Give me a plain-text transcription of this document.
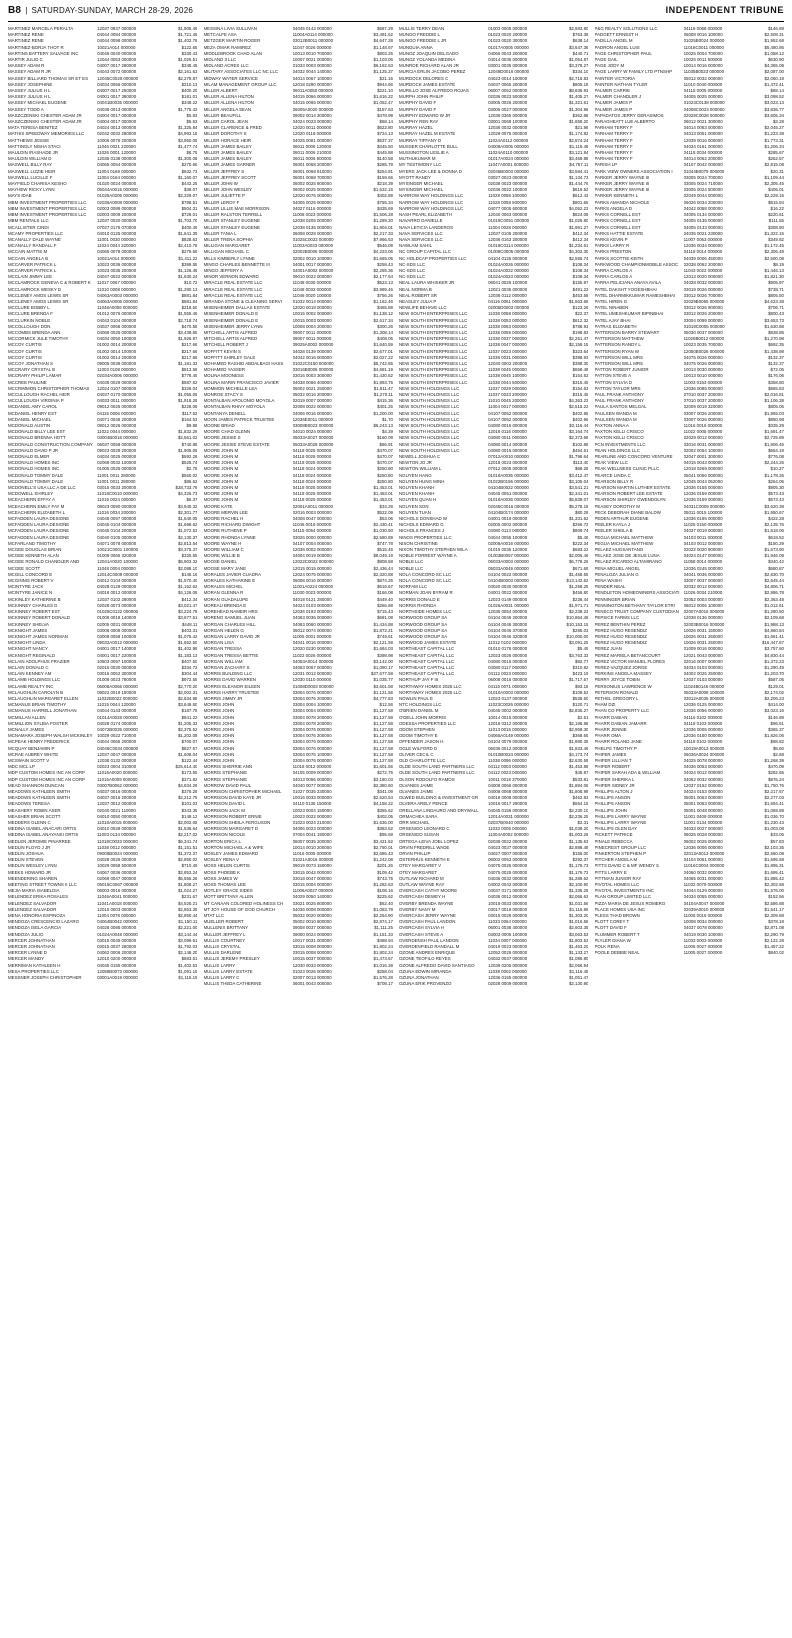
B8 | SATURDAY-SUNDAY, MARCH 28-29, 2026	INDEPENDENT TRIBUNE
MARTINEZ MARCELA PERALTA	12037 0937 000000	$1,905.46
MARTINEZ RENE	04044 0084 000000	$1,721.49
MARTINEZ RENE	04044 0098 000000	$1,402.78
MARTINEZ-BORJA THOT R	10021A014 000000	$122.65
MARTINS BATTERY SALVAGE INC	04046 0040 000000	$330.43
MARTIR JULIO C	12044 0053 000000	$1,026.51
MASSEY ADAM R	04007 0017 280000	$348.45
MASSEY ADAM R JR	04043 0072 000000	$2,161.63
MASSEY BILLIARD THOMAS SR ET ES	12045C0020 000000	$2,279.87
MASSEY JOSEPHINE	04034 0056 000000	$210.13
MASSEY JULIUS H L	04007 0017 250000	$400.20
MASSEY JULIUS H L	04001 0017 380000	$181.01
MASSEY MICHAEL EUGENE	04041B0035 000000	$348.22
MASSEY TODD A	04038 0013 000000	$1,775.42
MASZCZENSKI CHESTER ADAM JR	04004 0017 000000	$5.83
MASZCZENSKI CHESTER ADAM JR	04004 0017 000000	$5.63
MATA TERESA BENITEZ	04024 0013 000000	$1,325.84
MATHIS SPEEDWAY MEMORIES LLC	02042 0032 280000	$4,993.18
MATTHEWS JESSIE	10006 0076 200000	$3,950.05
MATTINGLY NISHA STACI	11046 0021 220000	$1,477.74
MAULDIN IRASHADE JR	11026 0001 120000	$6.75
MAULDIN WILLIAM D	12035 0138 000000	$1,300.08
MAXWELL BILLY RAY	04065 0054 000000	$270.66
MAXWELL LIZZIE HEIR	11004 0169 000000	$632.73
MAXWELL LUCILLE F	11004 0164 000000	$1,160.07
MAYFIELD CHARISA KESHO	01020 0024 000000	$442.25
MAYHEW RICKY LYNN	05044A0015 000000	$38.07
MAYS IDAB	01025A0205 000000	$2,329.07
MBM INVESTMENT PROPERTIES LLC	02036A0008 000000	$798.51
MBM INVESTMENT PROPERTIES LLC	02003 0089 000000	$504.31
MBM INVESTMENT PROPERTIES LLC	02003 0009 200000	$729.01
MBM RENTALS LLC	12037 0020 000000	$1,703.70
MCALLISTER CINDI	07027 0175 070000	$400.49
MCAMY PROPERTIES LLC	04010 0125 000000	$1,641.35
MCANALLY DALE WAYNE	11001 0030 000000	$828.63
MCANALLY RANDALL F	11024 0044 320000	$2,410.78
MCCAIN MATTIE M	04065 0078 000000	$275.66
MCCAIN ANGELA B	10021A014 000000	$1,411.22
MCCARVER PATRICK L	10023 0036 000000	$399.55
MCCARVER PATRICK L	10023 0035 200000	$1,126.46
MCCLAIN JIMMY LEE	04047 0022 000000	$1,630.24
MCCLAMROCK GENEVA C & ROBERT K	11017 0067 000000	$10.72
MCCLAMROCK WESKY D	11010 0008 000000	$1,280.13
MCCLENEY AMOS LEWIS SR	04063A0003 000000	$881.84
MCCLENEY AMOS LEWIS SR	04063A0006 000000	$881.84
MCCLURE BOBBY L	11048A0006 000000	$218.60
MCCLURE BRENDA F	01012 0076 000000	$1,555.46
MCCLURKIN NOBLE	04043 0104 000000	$2,718.74
MCCOLLOUGH DON	04037 0068 000000	$470.58
MCCOMBS BRENDA ANN	04068 0025 000000	$3,438.65
MCCORMICK JULE TIMOTHY	04034 0050 100000	$1,926.97
MCCOY CURTIS	01002 0014 200000	$217.66
MCCOY CURTIS	01002 0014 100000	$217.66
MCCOY CURTIS	01002 0014 200000	$217.66
MCCOY JONATHAN S	09005 0039 000000	$1,181.33
MCCRARY CRYSTAL B	11003 0108 000000	$813.58
MCCRARY PHILIP LAMAR	02034A0006 000000	$778.45
MCCREE PAULINE	04035 0029 000000	$587.62
MCCRIMMON CHRISTOPHER THOMAS	12024 0107 000000	$326.04
MCCULLOUGH RACHEL HEIR	04037 0170 000000	$1,055.06
MCCULLOUGH VIRGINIA P	04033 0011 000000	$1,918.28
MCDANIEL AMY CAROL	09012 0025 000000	$228.08
MCDANIEL HENRY EST	04115 0006 000000	$117.52
MCDANIEL MICHAEL	04071 0048 200000	$164.53
MCDONALD AUSTIN	09012 0026 000000	$9.88
MCDONALD BILLY LEE EST	11022 0044 000000	$1,832.29
MCDONALD BRENNA HOTT	03004B0016 000000	$2,561.02
MCDONALD CONSTRUCTION COMPANY 06037 0058 000000	$740.88
MCDONALD DAVID P JR	09023 0029 200000	$1,905.06
MCDONALD ELMER	04034 0025 000000	$592.28
MCDONALD HOMES INC	02068 0032 100000	$525.74
MCDONALD HOMES INC	01005 0025 000000	$2.78
MCDONALD TOMMY DALE	11001 0011 280000	$550.02
MCDONALD TOMMY DALE	11001 0011 280000	$86.62
MCDONELL'S USA LLC A DE LLC	03015 0033 200000	$28,733.76
MCDOWELL SHIRLEY	11018C0010 000000	$4,326.73
MCEACHERN EFFAY A	11016 0024 000000	$6.37
MCEACHERN EMILY FAY M	08023 0090 000000	$3,940.32
MCEACHERN ELIZABETH L	11016 0034 200000	$2,301.77
MCFADDEN LAURA DESIONE	04045 0097 000000	$1,640.05
MCFADDEN LAURA DESIONE	04045 0104 000000	$1,698.62
MCFADDEN LAURA DESIONE	04045 0104 200000	$1,072.53
MCFADDEN LAURA DESIONE	04040 0105 000000	$2,130.37
MCFARLAND TIMOTHY	04071 0078 000000	$2,813.54
MCGEE DOUGLAS BRIAN	10021C0001 100000	$3,375.37
MCGEE KENNETH ALAN	01009 0065 320000	$325.65
MCGEE RONALD CHANDLER AND	12041A0020 100000	$6,903.32
MCGEE SCOTT	11048 0004 000000	$2,088.10
MCGILL CONCORD E	12014C0009 000000	$146.16
MCGINNIS ROBERT V	04012 0104 000000	$1,570.40
MCINTYRE JACK	04028 0129 000000	$1,152.62
MCINTYRE JANICE N	04018 0012 000000	$4,126.08
MCKINLEY KATHERINE B	12037 0102 280000	$412.34
MCKINNEY CHARLES D	02028 0073 000000	$3,021.47
MCKINNEY ROBERT EST	01025C0122 000000	$3,224.78
MCKINNEY ROBERT DONALD	01009 0018 140000	$3,677.51
MCKINNEY SHELVA	02005 0031 000000	$448.11
MCKNIGHT JAMES	03008 0009 000000	$403.31
MCKNIGHT JAMES NORMAN	03008 0058 100000	$1,075.42
MCKNIGHT LINDA	09032A0012 000000	$1,652.50
MCKNIGHT NANCY	04001 0017 140000	$1,402.98
MCKNIGHT REGINALD	04001 0017 220000	$1,183.13
MCLAIN ADOLPHUS FRAZIER	10803 0097 100000	$407.50
MCLAIN DONALD C	02016 0030 000000	$334.72
MCLAIN KENNEY AM	03016 0052 300000	$304.44
MCLAMB HOLDINGS LLC	01008 0023 780000	$972.55
MCLAMB REALTY INC	06008A0066 000000	$2,770.20
MCLAUGHLIN CAROLYN B	09022 0019 150000	$2,002.31
MCLAUGHLIN MARGARET ELLEN	11032B0022 000000	$2,634.98
MCMANUS BRIAN TIMOTHY	11015 0044 120000	$3,649.50
MCMANUS HARRELL JONATHAN	04044 0143 000000	$187.78
MCMILLAN ALLEN	01014A0028 000000	$841.22
MCMILLION SYLBIA FOSTER	04028 0174 000000	$1,205.33
MCNALLY JAMES	04072B0035 000000	$2,375.52
MCNAMARA JOSEPH WALSH MCKINLEY	10029 0022 710000	$1,202.08
MCPEAK HENRY FREDERICK	04044 0065 200000	$700.07
MCQUAY BENJAMIN P	04046C0034 000000	$827.57
MCRAE AUBREY WHITE	12037 0047 000000	$1,608.04
MCSWAIN SCOTT V	12038 0132 000000	$122.44
MDC MCL LP	02023 0004 310000	$25,614.40
MDP CUSTOM HOMES INC AN CORP	11016A0020 000000	$173.55
MDP CUSTOM HOMES INC AN CORP	11016A0009 000000	$371.82
MEAD SHANNON DUNCAN	03007B0062 000000	$4,834.29
MEADOWS KATHLEEN SMITH	04037 0016 000000	$376.28
MEADOWS KATHLEEN SMITH	04037 0016 200000	$2,212.75
MEADOWS TERESA	12037 0012 000000	$101.03
MEASHERY ROBIN ASER	02040 0021 110000	$343.35
MEASHER BRIAN SCOTT	04010 0050 000000	$148.12
MEDDERS GLENN C	11018A0015 000000	$2,002.08
MEDINA ISABEL ANACARI ORTIS	04010 0028 000000	$1,536.64
MEDINA ISABEL ANAYANSI ORTIS	11003 0134 000000	$2,217.02
MEDLEN JEROMIE PINARREE	11018C0033 000000	$6,341.74
MEDLIN FLOYD J JR	11038 0012 000000	$1,151.51
MEDLIN JOSHUA	09008B0024 000000	$1,372.37
MEDLIN STEVEN	04028 0026 000000	$2,850.02
MEDLIN WESLEY LYNN	10029 0058 500000	$710.46
MEEKS HOWARD JR	04067 0036 000000	$2,852.24
MEENDERING SHAREN	02069 0047 000000	$5,556.28
MEETING STREET TOWNS II LLC	05016C0067 000000	$1,808.27
MEJIA MARIA ISABELDIA	06003 0016 000000	$1,024.27
MELENDEZ ERIKA ROSALES	11046A0041 000000	$231.67
MELENDEZ SALVADOR	11041A0018 000000	$4,525.21
MELENDEZ SALVADOR	12015 0003 000000	$2,853.35
MENA HONORIA ESPINOZA	11004 0078 000000	$2,850.44
MENDOZA CRESCENCIO LAZARO	04064B0042 000000	$1,150.11
MENDOZA ISELA GARCIA	04028 0085 000000	$2,221.00
MENDOZA JULIO	01024A0048 000000	$3,144.44
MERCER JOHNATHAN	03015 0045 000000	$3,099.61
MERCER JOHNATHAN	03015 0037 280000	$1,792.03
MERCER LYNNE D	04062 0006 200000	$2,148.20
MERCER MANDY	12010 0200 000000	$883.51
MERRIMAN KATHLEEN H	04045 0155 000000	$1,402.53
MESA PROPERTIES LLC	12058B0073 000000	$1,091.15
MESSNER JOSEPH CHRISTOPHER	03001A0019 000000	$1,115.15
MESSINA LIVIA SULLIVAN	04045 0143 000000	$687.29
METCALFE ASA	11004A0114 000000	$3,491.62
METZGER MARTIN ROGER	03012B0011 000000	$4,647.28
MEZA OMAR RAMIREZ	11047 0026 000000	$1,148.67
MIDDLEBROOK CHAD ALAN	10013 0010 700000	$803.25
MIDLAND 3 LLC	10007 0021 000000	$1,103.06
MIDLAND ACRES LLC	01033 0003 000000	$6,162.63
MILITARY ASSOCIATES LLC NC LLC	04032 0044 140000	$1,125.37
MIDWAY WATER SERVICE	04014 0067 100000	$21.15
MILAM MANAGEMENT GROUP LLC	12018 0290 000000	$944.66
MILLER ALBERT	06011A0050 000000	$221.10
MILLER ALLENA HILTON	04015 0066 000000	$1,616.22
MILLER ALLENA HILTON	04015 0065 000000	$1,052.47
MILLER ANGELA SEAN	06005A0020 000000	$157.63
MILLER BEAUFILL	09002 0014 300000	$478.99
MILLER CAROL JEAN	04024 0023 000000	$68.14
MILLER CLARENCE & FRED	12020 0011 000000	$622.80
MILLER DOROTHY S	12020 0118 000000	$724.13
MILLER HORACE HEIR	04025 0081 000000	$537.37
MILLER JAMES BAILEY	06011 0006 120000	$345.50
MILLER JAMES BAILEY	06011 0006 210000	$445.88
MILLER JAMES BAILEY	06011 0006 800000	$140.58
MILLER JAMES GARNER	06001 0068 200000	$285.79
MILLER JEFFREY S	06001 0068 510000	$254.81
MILLER JEFFREY SCOTT	06001 0068 700000	$159.66
MILLER JOHN W	06002 0025 800000	$218.39
MILLER JOHN WESLEY	06002 0025 000000	$1,632.15
MILLER JULIETTE P	12020 0076 000000	$402.89
MILLER LEROY F	04005 0025 000000	$755.34
MILLER LILLIE MAE MORRISON	04027 0116 000000	$435.69
MILLER RALSTON TERRELL	11008 0023 000000	$1,506.28
MILLER STANLEY EUGENE	12038 0205 000000	$1,289.20
MILLER STANLEY EUGENE	12038 0135 000000	$1,804.01
MILLER TANIA L	06008 0028 000000	$2,217.33
MILLER TRENA SOPHIA	01025C0022 000000	$7,966.63
MILLIGAN MARGARET	11003A0033 000000	$546.09
MILLIGAN MICHAEL C	02002B0006 000000	$4,223.06
MILLS KIMBERLY LYNNE	02002 0010 100000	$1,665.05
MINGO CHARLES BENNETTE III	04001 0017 000000	$258.43
MINGO JEFFERY A	04001A0002 000000	$2,265.36
MINOR VERNON EDWARD	09010 0022 000000	$2,177.64
MIRACLE REAL ESTATE LLC	11048 0035 000000	$523.13
MIRACLE REAL ESTATE LLC	11048 0032 000000	$3,989.46
MIRACLE REAL ESTATE LLC	11046 0020 100000	$756.26
MIRANDA STONE & CLEANING SERVI	01032 0014 000000	$1,162.46
MISENHEIMER DALLAS ESTATE	12020 0018 000000	$465.89
MISENHEIMER DONALD E	10015 0002 000000	$1,138.12
MISENHEIMER DONALD E	10015 0003 000000	$2,617.34
MISENHEIMER JERRY LYNN	10008 0004 200000	$300.26
MITCHELL ARTIS ALFRED	09007 0011 000000	$1,308.14
MITCHELL ARTIS ALFRED	09007 0011 000000	$408.05
MITCHELL ROBERT J	09025A0002 000000	$1,640.59
MOFFITT KEVIN S	04028 0139 000000	$2,677.01
MOFFITT SHIRLEY GALE	04042 0016 000000	$2,027.22
MOHAMED RASHID ABDALBAGI HASS	01022C0150 000000	$5,742.65
MOHAMED YASSER	03016B0006 000000	$4,681.19
MOLINA MOONESS	03016 0003 300000	$1,430.62
MOLINA MARIN FRANCISCO JAVIER	04038 0066 400000	$1,893.75
MOMMON MICHELLE LEA	06002 0021 250000	$1,511.47
MONROE STACY S	05032 0016 200000	$1,270.11
MONTALBAN APOLONIO MOYOLA	02019 0007 000000	$415.36
MONTALBAN RHIVY MOYOLA	02008 0022 000000	$401.25
MONTANYA DENELL	04006 0016 000000	$1,200.00
MOON JAMES PATRICK TRUSTEE	12036E0011 000000	$1.70
MOONE BRIAD	03008B0023 000000	$6,243.13
MOORE CHAD GLENN	04010 0024 000000	$4.29
MOORE JESSIE S	05033A0027 000000	$160.09
MOORE JESSIE STEVE ESTATE	05033A0028 000000	$86.91
MOORE JOHN M	04118 0025 000000	$470.07
MOORE JOHN M	04118 0028 000000	$470.07
MOORE JOHN M	04118 0025 000000	$470.07
MOORE JOHN M	04118 0024 000000	$250.80
MOORE JOHN M	04118 0024 000000	$250.80
MOORE JOHN M	04118 0024 000000	$250.80
MOORE JOHN M	04118 0025 000000	$1,453.01
MOORE JOHN M	04118 0025 000000	$1,453.01
MOORE JOHN M	04118 0025 000000	$1,453.01
MOORE KATE	02001A0011 000000	$34.29
MOORE MERVIN LEE	02016 0003 000000	$522.09
MOORE RACHEL H	04008 0047 000000	$53.06
MOORE RICHARD DWIGHT	11046 0018 000000	$2,430.41
MOORE RUTHENE P	04115 0054 000000	$1,030.50
MOORE RHONDA LYNNE	03026 0000 000000	$2,580.89
MOORE WAYNE H	04107 0004 000000	$747.78
MOORE WILLIAM C	12036 0002 000000	$515.45
MOORE WILLIE B	04004 0019 000000	$8,049.19
MOOSE DANIEL	12022C0022 000000	$808.58
MOOSE MARY JANE	12015 0015 000000	$2,436.44
MORALES JAVIER CUADRA	12024 0075 000000	$2,320.88
MORALES KATHARINE E	06008 0016 000000	$874.25
MORALES MICHEL	11001A0224 000000	$616.67
MORAN GLENNA R	11030 0023 000000	$166.08
MORAN GUADALUPE	04018 0121 280000	$449.40
MOREAU BRENDA E	04024 0103 000000	$266.88
MOREHEAD NAMEIR HRS	12036 0193 000000	$715.43
MORENO SAMUEL JUAN	04063 0036 000000	$681.08
MORGAN CHARLES HILL	04063 0060 000000	$1,434.88
MORGAN HELEN G	05012 0074 000000	$1,872.21
MORGAN LARRY DAVID JR	11005 0001 000000	$749.61
MORGAN LISA	04041 0016 000000	$2,121.59
MORGAN TRESSA	12020 0230 000000	$1,684.03
MORGAN TRESSA BETTIE	11022 0026 000000	$398.98
MORGAN WILLIAM	04053A0014 000000	$3,142.00
MORGAN ZACHARY S	04063 0067 000000	$1,090.17
MORRIS BUILDING LLC	12031 0012 000000	$27,677.58
MORRIS DAVID WARREN	12030 0110 000000	$1,035.77
MORRIS ELEANOR EILEEN	01008D0003 000000	$3,601.58
MORRIS HARRY TRUSTEE	03004 0076 000000	$1,121.56
MORRIS JIMMY JR	03004 0076 200000	$4,777.83
MORRIS JOHN	03004 0004 100000	$12.56
MORRIS JOHN	03004 0004 000000	$1,127.58
MORRIS JOHN	03004 0078 200000	$1,127.58
MORRIS JOHN	03004 0078 200000	$1,127.58
MORRIS JOHN	03004 0076 000000	$1,127.58
MORRIS JOHN	03004 0076 200000	$1,127.58
MORRIS JOHN	03004 0076 000000	$1,127.58
MORRIS JOHN	03004 0076 000000	$1,127.58
MORRIS JOHN	03004 0076 100000	$1,127.58
MORRIS JOHN	03004 0076 000000	$1,127.58
MORRIS SHERRIE ANN	11018 0012 000000	$1,601.55
MORRIS STEPHANIE	04105 0009 000000	$272.75
MORRIS STEPHANIE	04013 0056 000000	$3,180.03
MORROW DAVID PAUL	04040 0077 000000	$2,380.60
MORRISON CHRISTOPHER MICHAEL	01027 0035 230000	$341.09
MORRISON DAVID KAYE JR	10016 0033 000000	$2,520.54
MORRISON DAVID L	04110 0135 150000	$4,158.22
MORRISON JACK M	10023 0004 150000	$365.62
MORRISON ROBERT ERNIE	10023 0022 000000	$402.05
MORRISON SHEILA FERGUSON	01023 0024 210000	$1,636.00
MORRISON MARGARET D	04006 0023 000000	$383.52
MORRISON NICOLE	07004 0041 190000	$95.68
MORTON ERICA L	06007 0035 200000	$3,421.62
MORTON MICHAEL A & WIFE	10014 0010 200000	$2,750.01
MOSLEY JAMES EDWARD	11016 0005 000000	$2,686.43
MOSLEY RENA V	01021A0016 000000	$1,242.08
MOSS HELEN CURTIS	09019 0073 150000	$201.26
MOSS PHOEBE K	03015 0042 000000	$109.42
MOSS JAMES W	03018 0047 000000	$743.75
MOSS THOMAS LEE	03015 0004 000000	$1,282.63
MOTLEY GRACE SIDES	11006A0027 000000	$108.16
MOTT BRITTANY ALLEN	04029 0050 140000	$225.62
MT CANAAN COLORED HOLINESS CH	03021 0025 800000	$62.40
MT JOY HOUSE OF GOD CHURCH	04036 0008 000000	$1,083.79
MTAT LLC	05032 0020 000000	$2,254.90
MUELLER ROBERT	05002 0010 800000	$2,874.17
MULLENIX BRITTANY	09008 0037 000000	$1,111.25
MULLER JEFFREY L	09000 0024 000000	$1,151.33
MULLIS COURTNEY	10017 0031 000000	$488.94
MULLIS CRYSTAL	03015 0008 000000	$1,802.24
MULLIS DARLENE	03015 0008 000000	$1,802.24
MULLIS JEREMY PRESLEY	10015 0037 000000	$1,473.67
MULLIS LARRY	12030 0033 000000	$1,016.38
MULLIS LARRY ESTATE	01023 0026 000000	$258.04
MULLIS LARRY C	02007 0013 000000	$1,576.28
MULLIS THEDA CATHERINE	06001 0043 000000	$708.17
MULLIS TERRY DEAN	01003 0005 000000	$2,683.80
MUNGO FREDDIE L	01023 0020 200000	$763.38
MUNGO FREDDIE L JR	01023 0020 300000	$638.14
MUNGUIA ANNA	01017A0005 000000	$3,647.36
MUNOZ JOAQUIN DELGADO	04066 0043 200000	$440.71
MUNOZ YOLANDA MEDINA	04014 0035 000000	$1,054.87
MUNROE RICHARD ALAN JR	03001 0035 000000	$3,378.27
MURCIA ERLIN JACOBO PEREZ	12049D0016 000000	$334.10
MURDOCK DELORES C	04023 0014 100000	$2,716.83
MURDOCK JAMES ESTATE	04037 0065 200000	$805.18
MURILLO JOSE ALFREDO ROJAS	06007 0052 000000	$8,836.93
MURPH JOHN PHILIP	02036 0023 500000	$1,405.27
MURPHY DAVID F	03005 0026 200000	$1,321.61
MURPHY DAVID F	03005 0027 000000	$1,304.96
MURPHY EDWARD W JR	12036 0365 000000	$362.88
MURPHY REN RAY	03001 0068 100000	$1,658.20
MURRAY HAZEL	12036 0032 000000	$21.98
MURRAY HAZEL M ESTATE	12029 0075 000000	$1,174.82
MURRAY TIFFANY D	11024A0112 000000	$2,874.24
MUSSER CHARLOTTE BULL	04008A0005 000000	$1,116.48
MUSSINGTON LESLIE A	11024A0110 000000	$3,121.84
MUTHUKUMAR M	01017A0024 000000	$3,469.88
MY TESTIMONY LLC	11047A0001 000000	$4,757.11
MYERS JACK LEE & DONNA D	02045B0003 000000	$3,584.41
MYOTT RANDY	03027 0023 000000	$1,134.73
MYSINGER MICHAEL	02038 0023 000000	$1,444.76
MYSINGER MICHAEL	02036 0022 100000	$619.52
NARROW WAY HOLDINGS LLC	11028 0058 100000	$612.43
NARROW WAY HOLDINGS LLC	11028 0058 500000	$801.65
NARROW WAY HOLDINGS LLC	04077 0005 600000	$4,052.23
NASH PEARL ELIZABETH	12040 0063 000000	$824.08
NAVARRO DANIELLE	01019C0051 000000	$1,026.80
NAVA LETICIA LANDEROS	11004 0028 000000	$1,991.27
NAVA SERVICES LLC	12037 0105 200000	$412.34
NAVA SERVICES LLC	12036 0163 200000	$412.34
NAWLAM SAHIL	01018C0114 000000	$1,234.61
NC GROUP CAPITAL LLC	01008C0005 000000	$4,302.30
NC HOLDCAP PROPERTIES LLC	04104 0125 000000	$2,555.74
NC-SDS LLC	01024A0026 000000	$108.34
NC-SDS LLC	01024A0022 000000	$108.34
NC-SDS LLC	01024A0023 000000	$108.34
NEAL LAURA WHISKER JR	06041 0025 100000	$155.97
NEAL NORMA B	12021 0036 000000	$491.22
NEAL ROBERT SR	12036 0112 000000	$453.58
NEASLEY JULIA P	04116 0061 000000	$1,563.68
NEWLIFE BEHAVE LLC	02005D0003 000000	$123.26
NEW SOUTH ENTERPRISES LLC	11038 0058 000000	$22.37
NEW SOUTH ENTERPRISES LLC	11038 0053 000000	$612.32
NEW SOUTH ENTERPRISES LLC	11038 0063 000000	$788.93
NEW SOUTH ENTERPRISES LLC	11038 0059 000000	$198.83
NEW SOUTH ENTERPRISES LLC	11038 0037 000000	$2,251.47
NEW SOUTH ENTERPRISES LLC	11038 0047 000000	$2,159.15
NEW SOUTH ENTERPRISES LLC	11037 0023 000000	$323.64
NEW SOUTH ENTERPRISES LLC	11038 0031 000000	$398.93
NEW SOUTH ENTERPRISES LLC	12040 0002 200000	$388.30
NEW SOUTH ENTERPRISES LLC	11038 0045 000000	$658.48
NEW SOUTH ENTERPRISES LLC	11038 0045 100000	$154.63
NEW SOUTH ENTERPRISES LLC	11038 0044 500000	$315.45
NEW SOUTH HOLDINGS LLC	11037 0029 000000	$154.63
NEW SOUTH HOLDINGS LLC	11037 0033 200000	$315.45
NEW SOUTH HOLDINGS LLC	11010 0045 200000	$4,363.23
NEW SOUTH HOLDINGS LLC	11004 0017 000000	$2,515.22
NEW SOUTH HOLDINGS LLC	04107 0052 000000	$402.95
NEW SOUTH HOLDINGS LLC	04107 0052 000000	$402.96
NEW SOUTH HOLDINGS LLC	04080 0016 000000	$2,116.44
NEW SOUTH HOLDINGS LLC	12018 0116 000000	$3,164.74
NEW SOUTH HOLDINGS LLC	04080 0011 000000	$2,373.68
NEW SOUTH HOLDINGS LLC	04080 0014 000000	$102.88
NEW SOUTH HOLDINGS LLC	04080 0015 000000	$454.61
NEWELL JOSHUA C	07012A0010 000000	$1,796.64
NEWTON JO JR	12018 0023 000000	$113.40
NEWTON WILLIAM L	07012 0005 000000	$68.28
NGUYEN HANG	01018A0035 000000	$3,412.47
NGUYEN HUNG MINH	01022B0156 000000	$3,105.04
NGUYEN KHANH	04104B0022 000000	$3,541.21
NGUYEN KHANH	04045 0051 000000	$2,341.01
NGUYEN QUAN H	01018A0036 000000	$5,839.07
NGUYEN SON	02045C0016 000000	$5,278.18
NGUYEN TUAN	04104B0174 000000	$80.28
NICHOLS DONSHAD W	04001 0019 000000	$1,331.62
NICHOLS EDWARD G	02005 0002 000000	$256.73
NICHOLS FRANCES J	04080 0113 000000	$809.74
NINOS PROPERTIES LLC	04044 0055 100000	$5.48
NISON CHRISTINE	02008A0016 000000	$222.34
NIXON TIMOTHY STEPHEN WILA	01015 0035 120000	$683.22
NOBLE FORREST WAYNE A	01003B0057 000000	$2,006.46
NOBLE LLC	05033A0003 000000	$6,778.26
NOBLE LLC	05033A0049 000000	$671.69
NOLA CONCORD SC LLC	04104 0022 000000	$1,468.55
NOLA CONCORD SC LLC	04104B0003 000000	$13,142.62
NORFAM LLC	04020 0030 000000	$1,258.25
NORMAN JOAN BYRAM R	04001 0022 000000	$456.80
NORRIS DONALD E	12023 0149 000000	$236.44
NORRIS RHONDA	01026A0031 000000	$1,971.71
NORTHSIDE HOMES LLC	12035 0054 000000	$2,238.23
NORWOOD GROUP SA	04104 0046 200000	$10,864.48
NORWOOD GROUP SA	04104 0046 300000	$10,153.15
NORWOOD GROUP SA	04104 0046 370000	$285.03
NORWOOD GROUP SA	04104 0046 320000	$10,000.00
NORWOOD JAMES ESTATE	11012 0102 000000	$3,091.25
NORTHEAST CAPITAL LLC	01010 0176 000000	$5.45
NORTHEAST CAPITAL LLC	12023 0026 000000	$3,763.33
NORTHEAST CAPITAL LLC	04080 0015 000000	$82.77
NORTHEAST CAPITAL LLC	04080 0117 000000	$310.82
NORTHEAST CAPITAL LLC	04112 0023 000000	$423.19
NORTHUP JAY F III	06008 0016 000000	$1,717.57
NORTHWAY HOMES 2025 LLC	04115 0071 000000	$93.18
NORTHWAY HOMES 2025 LLC	01010A0003 000000	$109.53
NOWLIN PAUL E	12023 0137 000000	$538.60
NTC HOLDINGS LLC	11023C0026 000000	$120.71
O'BRIEN DANIEL M	04045 0002 000000	$2,835.27
O'DELL JOHN MORRIS	10014 0015 000000	$2.61
ODESSA PROPERTIES LLC	12018 0312 000000	$2,195.88
ODOM STEPHEN	11013 0015 000000	$2,959.30
ODOM TIMOTHY E	04065A0149 000000	$368.65
OFFENDER JASON H	04104 0079 000000	$1,880.35
OGLE WILFORD D	06036 0012 000000	$1,833.46
OLIVER CECIL C	01010B0024 000000	$4,173.74
OLD CHARLOTTE LLC	11038 0096 000000	$2,630.59
OLDE SOUTH LAND PARTNERS LLC	04112 0003 000000	$1,453.88
OLDE SOUTH LAND PARTNERS LLC	04112 0023 000000	$45.87
OLSON RODOLFO RAMOS	10011 0018 370000	$533.81
OLVANES JAIME	04008 0066 000000	$1,884.06
OLVANES JAIME	04008 0068 000000	$1,808.98
OLWED BUILDING & INVESTMENT GR	04018 0008 000000	$462.83
OLVERA ARELY PENCE	10016 0017 290000	$654.15
ORELLANA LINDAURO AND DRYWALL	04045 0156 000000	$2,230.10
ORMACHEA SARA	12014A0031 000000	$2,236.25
ORR MICHAEL	02037B0040 000000	$2.31
ORSENIGO LEONARD C	11033 0005 000000	$1,039.20
ORSENIGO SUSAN	11004A0002 000000	$1,003.26
ORTEGA-LEIVA JOEL LOPEZ	02038 0022 000000	$1,135.63
ORVIN FREDRILL WADE	04023 0037 000000	$2,888.48
ORVIN PHILLIP	04027 0007 000000	$155.00
OSTERHUS KENNETH E	06002 0053 000000	$292.37
OTEY MARGARET V	04075 0025 000000	$1,176.73
OTEY MARGARET	04075 0025 000000	$1,176.73
OUTLAW RICHARD M	04036 0032 000000	$1,289.62
OUTLAW WAYNE RAY	04002 0042 000000	$2,100.90
OVERCASH CATHY MOORE	04037 0171 000000	$1,335.28
OVERCASH DEWEY H	04036 0012 000000	$2,066.63
OVERBY BRENDA WAYNE	10019 0033 000000	$1,031.56
OVERBY NANY M	03017 0019 000000	$1,116.96
OVERCASH JERRY WAYNE	03015 0028 000000	$1,303.20
OVERCASH PAUL LANDON	11033 0064 000000	$1,016.58
OVERCASH SYLVIA H	06001 0038 400000	$2,603.35
OVERCASH STEVE A	03003 0005 100000	$3,063.53
OVERDENSH PAUL LANDON	11034 0007 000000	$1,803.53
OVERDENFIELD RANDALL M	04019 0023 000000	$1,463.20
OZONE ANDRES ENRIQUE	12052 0026 000000	$1,133.27
OZONE TEOFILO REYES	04032 0037 000000	$1,086.80
OZONE ALFREDO DAVID SANTIAGO	12039 0205 000000	$2,066.94
OZUNA EDWIN MIRANDA	11038 0002 000000	$1,116.45
OZUNA JONATHAN	12036 0155 000000	$1,051.47
OZUNA ERIK PROVENZO	02028 0009 000000	$2,130.90
P&G REALTY SOLUTIONS LLC	04118 0068 000000	$146.89
PADGETT ERNEST H	06008 0016 100000	$2,508.31
PADILLA ANGEL M	01025B0024 000000	$1,952.68
PADRON ANGEL LUIS	11018C0011 000000	$5,480.86
PAGE CHRISTOPHER PAUL	10025 0004 700000	$1,058.12
PAGE GAIL	10025 0011 500000	$630.90
PAGE JODY M	10014 0016 000000	$4,365.09
PAGE LARRY W FAMILY LTD PTNSHP	11035B0023 000000	$2,087.00
PAINTER VICTORIA	05012 0032 000000	$2,060.19
PAINTER NATHAN TYLER	11010 0040 000000	$1,472.41
PALMER CARRIE	04115 0005 000000	$88.14
PALMER CHANDLER J	04005 0025 000000	$3,098.52
PALMER JAMES P	01023C0138 000000	$3,023.13
PALMER JAMES P	04008C0023 000000	$3,835.77
PAPADATOS JERRY GERASIMOS	02029C0028 000000	$3,605.34
PARAGHEATT LUE ALBERTO	06012 0021 300000	$3.28
PARHAM TERRY F	04014 0063 000000	$2,045.27
PARHAM TERRY F	04013 0051 000000	$1,223.38
PARHAM TERRY F	12039 0016 000000	$1,773.31
PARHAM TERRY F	04034 0161 000000	$1,206.34
PARHAM TERRY F	04118 0034 000000	$285.67
PARHAM TERRY F	04014 0062 200000	$262.57
PARISH LP	04107 0042 000000	$2,815.08
PARK VIEW OWNERS ASSOCIATION I	01044B0079 000000	$20.31
PARKER JERRY WAYNE III	03005 0024 700000	$1,109.44
PARKER JERRY WAYNE III	03005 0024 710000	$2,305.45
PARKER JERRY WAYNE III	03005 0024 500000	$405.01
PARKER KENNETH L	02049 0044 000000	$2,229.15
PARKS AMANDA NICHOLE	06026 0034 200000	$815.94
PARKS ANGELA D	04042 0058 000000	$16.22
PARKS CORNELL EST	04005 0134 000000	$220.61
PARKS CORNELL EST	04005 0135 000000	$111.55
PARKS CORNELL EST	04005 0133 000000	$308.80
PARKS HATTIE ESTATE	04035 0021 230000	$1,322.15
PARKS KEVIN P	11007 0063 000000	$349.82
PARKS LARRY R	12036 0034 000000	$1,172.45
PARKS PRESTON	04118 0014 000000	$2,306.48
PARKS SCOTTIE KEITH	04039 0006 450000	$2,500.08
PARKWOOD CHAMPIONMOBILE ASSOC	02038 0062 200000	$8.19
PARRA CARLOS A	11043 0022 000000	$1,446.13
PARRA CARLOS A	12013 0020 000000	$1,821.30
PARRA PELICIANA ANAYA AVILA	04028 0032 000000	$905.97
PATEL DAKSHT YOGESHBHAI	03019 0026 000000	$738.71
PATEL DHARMIKKUMAR RAMESHBHAI	03012 0026 700000	$805.50
PATEL HIREN G	02029B0055 000000	$4,623.38
PATEL NINABEN	03012 0026 900000	$706.71
PATEL UMESHKUMAR BIPINBHAI	03012 0026 200000	$800.43
PATEL AJAY BHAI	03004 0099 000000	$3,653.73
PATRAS ELIZABETH	01019C0005 000000	$1,630.88
PATTERSON BARRY STEWART	05030 0037 000000	$838.85
PATTERSON MATTHEW	11026B0012 000000	$1,270.98
PATTERSON RANDY L	10023 0035 700000	$692.35
PATTERSON RYAN W	12050B0026 000000	$1,438.98
PATTERSON WILL MRS	04075 0026 000000	$132.37
PATTERSON WILL MRS	04075 0026 000000	$132.37
PATTON ROBERT JUNIOR	10013 0030 000000	$72.05
PATTON STEVE A	10013 0010 000000	$176.06
PATTON SYLVIA D	11003 0153 000000	$358.80
PATTON TAYLOR MRS	12036 0085 000000	$865.83
PAUL FRANK ANTHONY	07010 0037 200000	$2,016.81
PAUL FRANK ANTHONY	07010 0037 200000	$1,106.38
PAULA SANTOS MELGAL	02009 0019 320000	$805.06
PAULSEN WANDA M	03007 0026 200000	$1,965.03
PAULSEN WANDA M	03007 0026 000000	$850.98
PAXTON ANNA A	11016 0016 000000	$335.29
PAXTON KELLI CRISCO	11022 0005 000000	$1,691.47
PAXTON KELLI CRISCO	02029 0012 000000	$2,725.89
PCN INVESTMENTS LLC	03016 0031 000000	$1,906.46
PEAN HOLDINGS LLC	02002 0054 100000	$654.19
PEARLINE AND CONCORD VENTURE	02047 0001 300000	$776.08
PEAK VIEW LLC	04015 0043 000000	$2,244.26
PEAK WELLNESS CLINIC PLLC	12018 0269 000000	$10.27
PEARCE LINDA C	05041 0056 000000	$1,178.26
PEARSON BILLY R	12045 0044 052000	$264.05
PEARSON MARTIN LUTHER ESTATE	12036 0155 000000	$905.30
PEARSON ROBERT LEE ESTATE	12036 0159 000000	$573.43
PEARSON SHIRLEY GWENDOLYN	12036 0159 000000	$573.43
PEASEY DOROTHY M	04031C0009 000000	$3,620.38
PECK DEBORAH DIANE BALDW	05011 0015 100000	$1,950.67
PEDEN ARTHUR EUGENE	12036 0195 000000	$422.28
PEELER KAYLA J	11025 0150 000000	$2,135.76
PEELER SHEILA B	04037 0019 000000	$1,618.06
PEGUA MICHAEL MATTHEW	04103 0011 000000	$618.52
PEGUA MICHAEL MATTHEW	04103 0012 000000	$150.29
PELAEZ HUGSANTANO	02022 0020 900000	$1,673.90
PELAEZ JOSE DE JESUS LUNA	04024 0147 000000	$1,946.09
PELAEZ RICARDO ALTAMIRANO	11058 0014 000000	$340.42
PENA MIGUEL ANGEL	12036 0245 000000	$680.87
PENALOZA JULIAN G	04041 0036 000000	$2,830.70
PENA WASHI	03007 0037 000000	$2,645.44
PENDER NEAL	02032 0012 000000	$4,806.71
PENDLETON HOMEOWNERS ASSOCIATI 11026 0034 210000	$2,886.78
PENNINGER BRIAN	02052 0003 000000	$2,363.48
PENNINGTON BETHANY TAYLOR ETRI	06012 0006 100000	$1,012.61
PENSCO TRUST COMPANY CUSTODIAN	02007A0016 000000	$1,280.50
PEPSICE FARMS LLC	12038 0136 000000	$2,109.68
PEREZ BENTHIN PEREZ	02003B0016 000000	$1,988.13
PEREZ HUGO RESENDIZ	10026 0031 150000	$4,860.84
PEREZ HUGO RESENDIZ	10026 0031 260000	$1,661.41
PEREZ HUGO RESENDIZ	10026 0031 250000	$16,447.67
PEREZ JUAN	01009 0016 000000	$3,757.60
PEREZ MARIELA BETANCOURT	12021 0043 000000	$4,830.44
PEREZ VICTOR MANUEL FLORES	02016 0007 000000	$1,372.23
PEREZ-VAZQUEZ JORGE	04034 0103 000000	$1,290.49
PERKINS ANGELA MASSEY	04002 0025 250000	$1,203.70
PERRY JOYCE TOBIN	12037 0103 000000	$587.05
PERSONIUS LAWRENCE W	11024B0146 000000	$129.01
PETERSON RONALD	05033A0008 100000	$2,174.02
PETHEL GREGORY L	03012A0035 000000	$2,206.23
PHAM DZI	12036 0125 000000	$414.00
PHAN CO PROPERTY LLC	12036 0056 000000	$3,023.16
PHARR DABIAN	04116 0102 000000	$146.89
PHARR DABIAN JAMARR	04118 0103 000000	$96.61
PHARR JENNIE	12036 0005 000000	$365.37
PHARR OMA	12036 0150 000000	$1,826.06
PHARR ROLAND JANE	04118 0102 000000	$88.82
PHELPS TIMOTHY P	10019A0013 000000	$5.60
PHIFER JAMES	06036A0024 000000	$2.68
PHIFER LILLIAN T	04025 0078 000000	$1,268.39
PHIFER ROBERT	04036 0053 000000	$470.09
PHIFER SARAH ADA & WILLIAM	04024 0012 000000	$282.65
PHIFER SHERIKA L	04062 0032 000000	$876.24
PHIFER SIDNEY JR	12037 0152 000000	$1,750.76
PHILLIPS ALTON J	04024 0153 000000	$2,217.67
PHILLIPS ANSON	05001 0063 000000	$2,277.03
PHILLIPS ANSON	05001 0063 000000	$1,694.41
PHILLIPS JOHN	05001 0048 000000	$1,069.88
PHILLIPS LARRY WAYNE	11001 0409 000000	$1,036.70
PHILLIPS LARRY WAYNE	11001 0134 000000	$1,230.43
PHILLIPS OLEN DAY	04033 0027 000000	$1,003.08
PICKETT PATRICE	06025 0028 000000	$33.05
PINALE REBECCA	06002 0025 000000	$57.83
PINECREST GROUP LLC	12036 0006 000000	$2,103.35
PINKERTON STEPHEN P	02013A0013 000000	$2,560.08
PITCHER ANGELA M	04104 0061 000000	$1,695.58
PITTS DAVID C & MF WENDY S	11016C0004 000000	$1,895.31
PITTS LARRY E	04060 0032 000000	$1,695.41
PITTMAN JUNIOR RAY	04065 0031 000000	$1,885.42
PIVOTAL HOMES LLC	11032 0079 000000	$2,302.68
PIVOTAL INVESTMENTS INC	04044 0129 000000	$1,576.00
PLAN GROUP LIMITED LLC	04034 0055 000000	$152.56
PIZZA MARIA DE JESUS ROMERO	04104A0047 000000	$2,586.88
PLACE HOMES USA INC	02039A0010 000000	$1,541.17
PLESS THAD BROWN	11006 0015 000000	$2,309.88
PLOTT COREY T	10008 0034 000000	$378.18
PLOTT DAVID F	04037 0078 000000	$2,871.08
PLUMMER ROBERT T	04019 0030 100000	$2,290.79
PLYLER DIANA W	11033 0003 000000	$2,122.28
POLK RENA	11006 0027 000000	$1,457.22
POOLE DEBBIE NEAL	11005 0027 000000	$840.02
